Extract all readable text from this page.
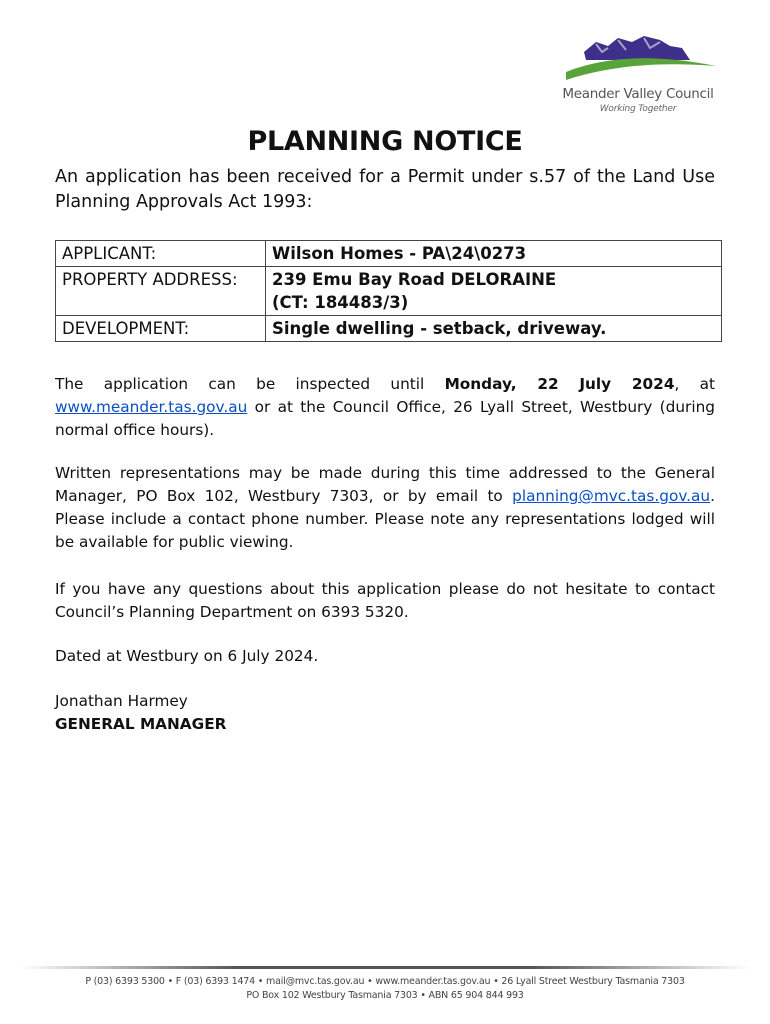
Meander Valley Council
Working Together
PLANNING NOTICE
An application has been received for a Permit under s.57 of the Land Use Planning Approvals Act 1993:
APPLICANT:	Wilson Homes - PA\24\0273
PROPERTY ADDRESS:	239 Emu Bay Road DELORAINE
(CT: 184483/3)

DEVELOPMENT:	Single dwelling - setback, driveway.
The application can be inspected until Monday, 22 July 2024, at www.meander.tas.gov.au or at the Council Office, 26 Lyall Street, Westbury (during normal office hours).
Written representations may be made during this time addressed to the General Manager, PO Box 102, Westbury 7303, or by email to planning@mvc.tas.gov.au. Please include a contact phone number. Please note any representations lodged will be available for public viewing.
If you have any questions about this application please do not hesitate to contact Council’s Planning Department on 6393 5320.
Dated at Westbury on 6 July 2024.
Jonathan Harmey
GENERAL MANAGER
P (03) 6393 5300 • F (03) 6393 1474 • mail@mvc.tas.gov.au • www.meander.tas.gov.au • 26 Lyall Street Westbury Tasmania 7303
PO Box 102 Westbury Tasmania 7303 • ABN 65 904 844 993
